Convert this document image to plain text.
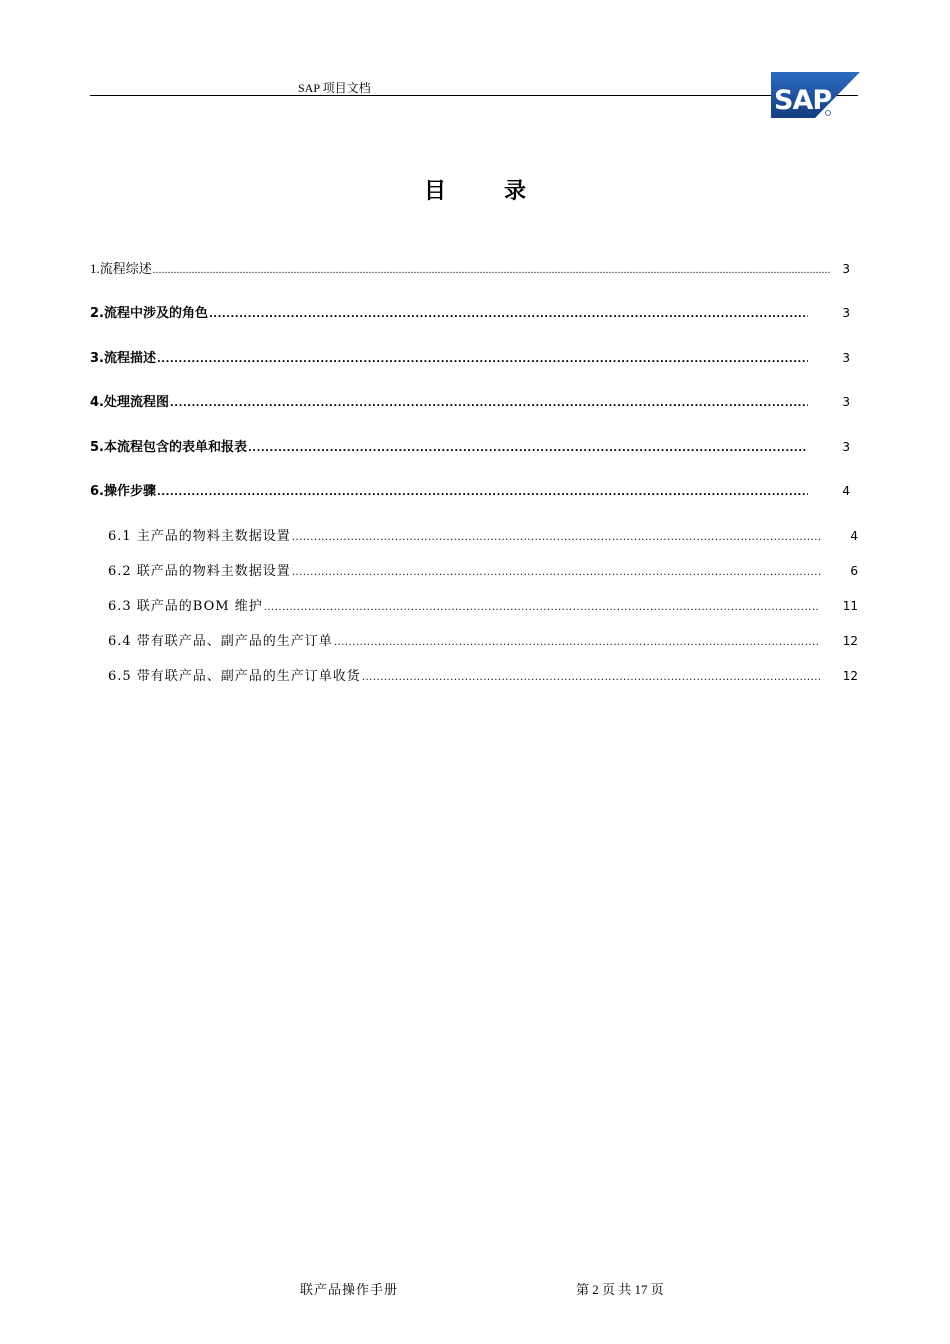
SAP 项目文档	SAP
目	录
1.流程综述 .....	3
2.流程中涉及的角色 .....	3
3.流程描述 .....	3
4.处理流程图 .....	3
5.本流程包含的表单和报表 .....	3
6.操作步骤 .....	4
6.1 主产品的物料主数据设置 .....	4
6.2 联产品的物料主数据设置 .....	6
6.3 联产品的BOM 维护 .....	11
6.4 带有联产品、副产品的生产订单 .....	12
6.5 带有联产品、副产品的生产订单收货 .....	12
联产品操作手册	第 2 页 共 17 页
